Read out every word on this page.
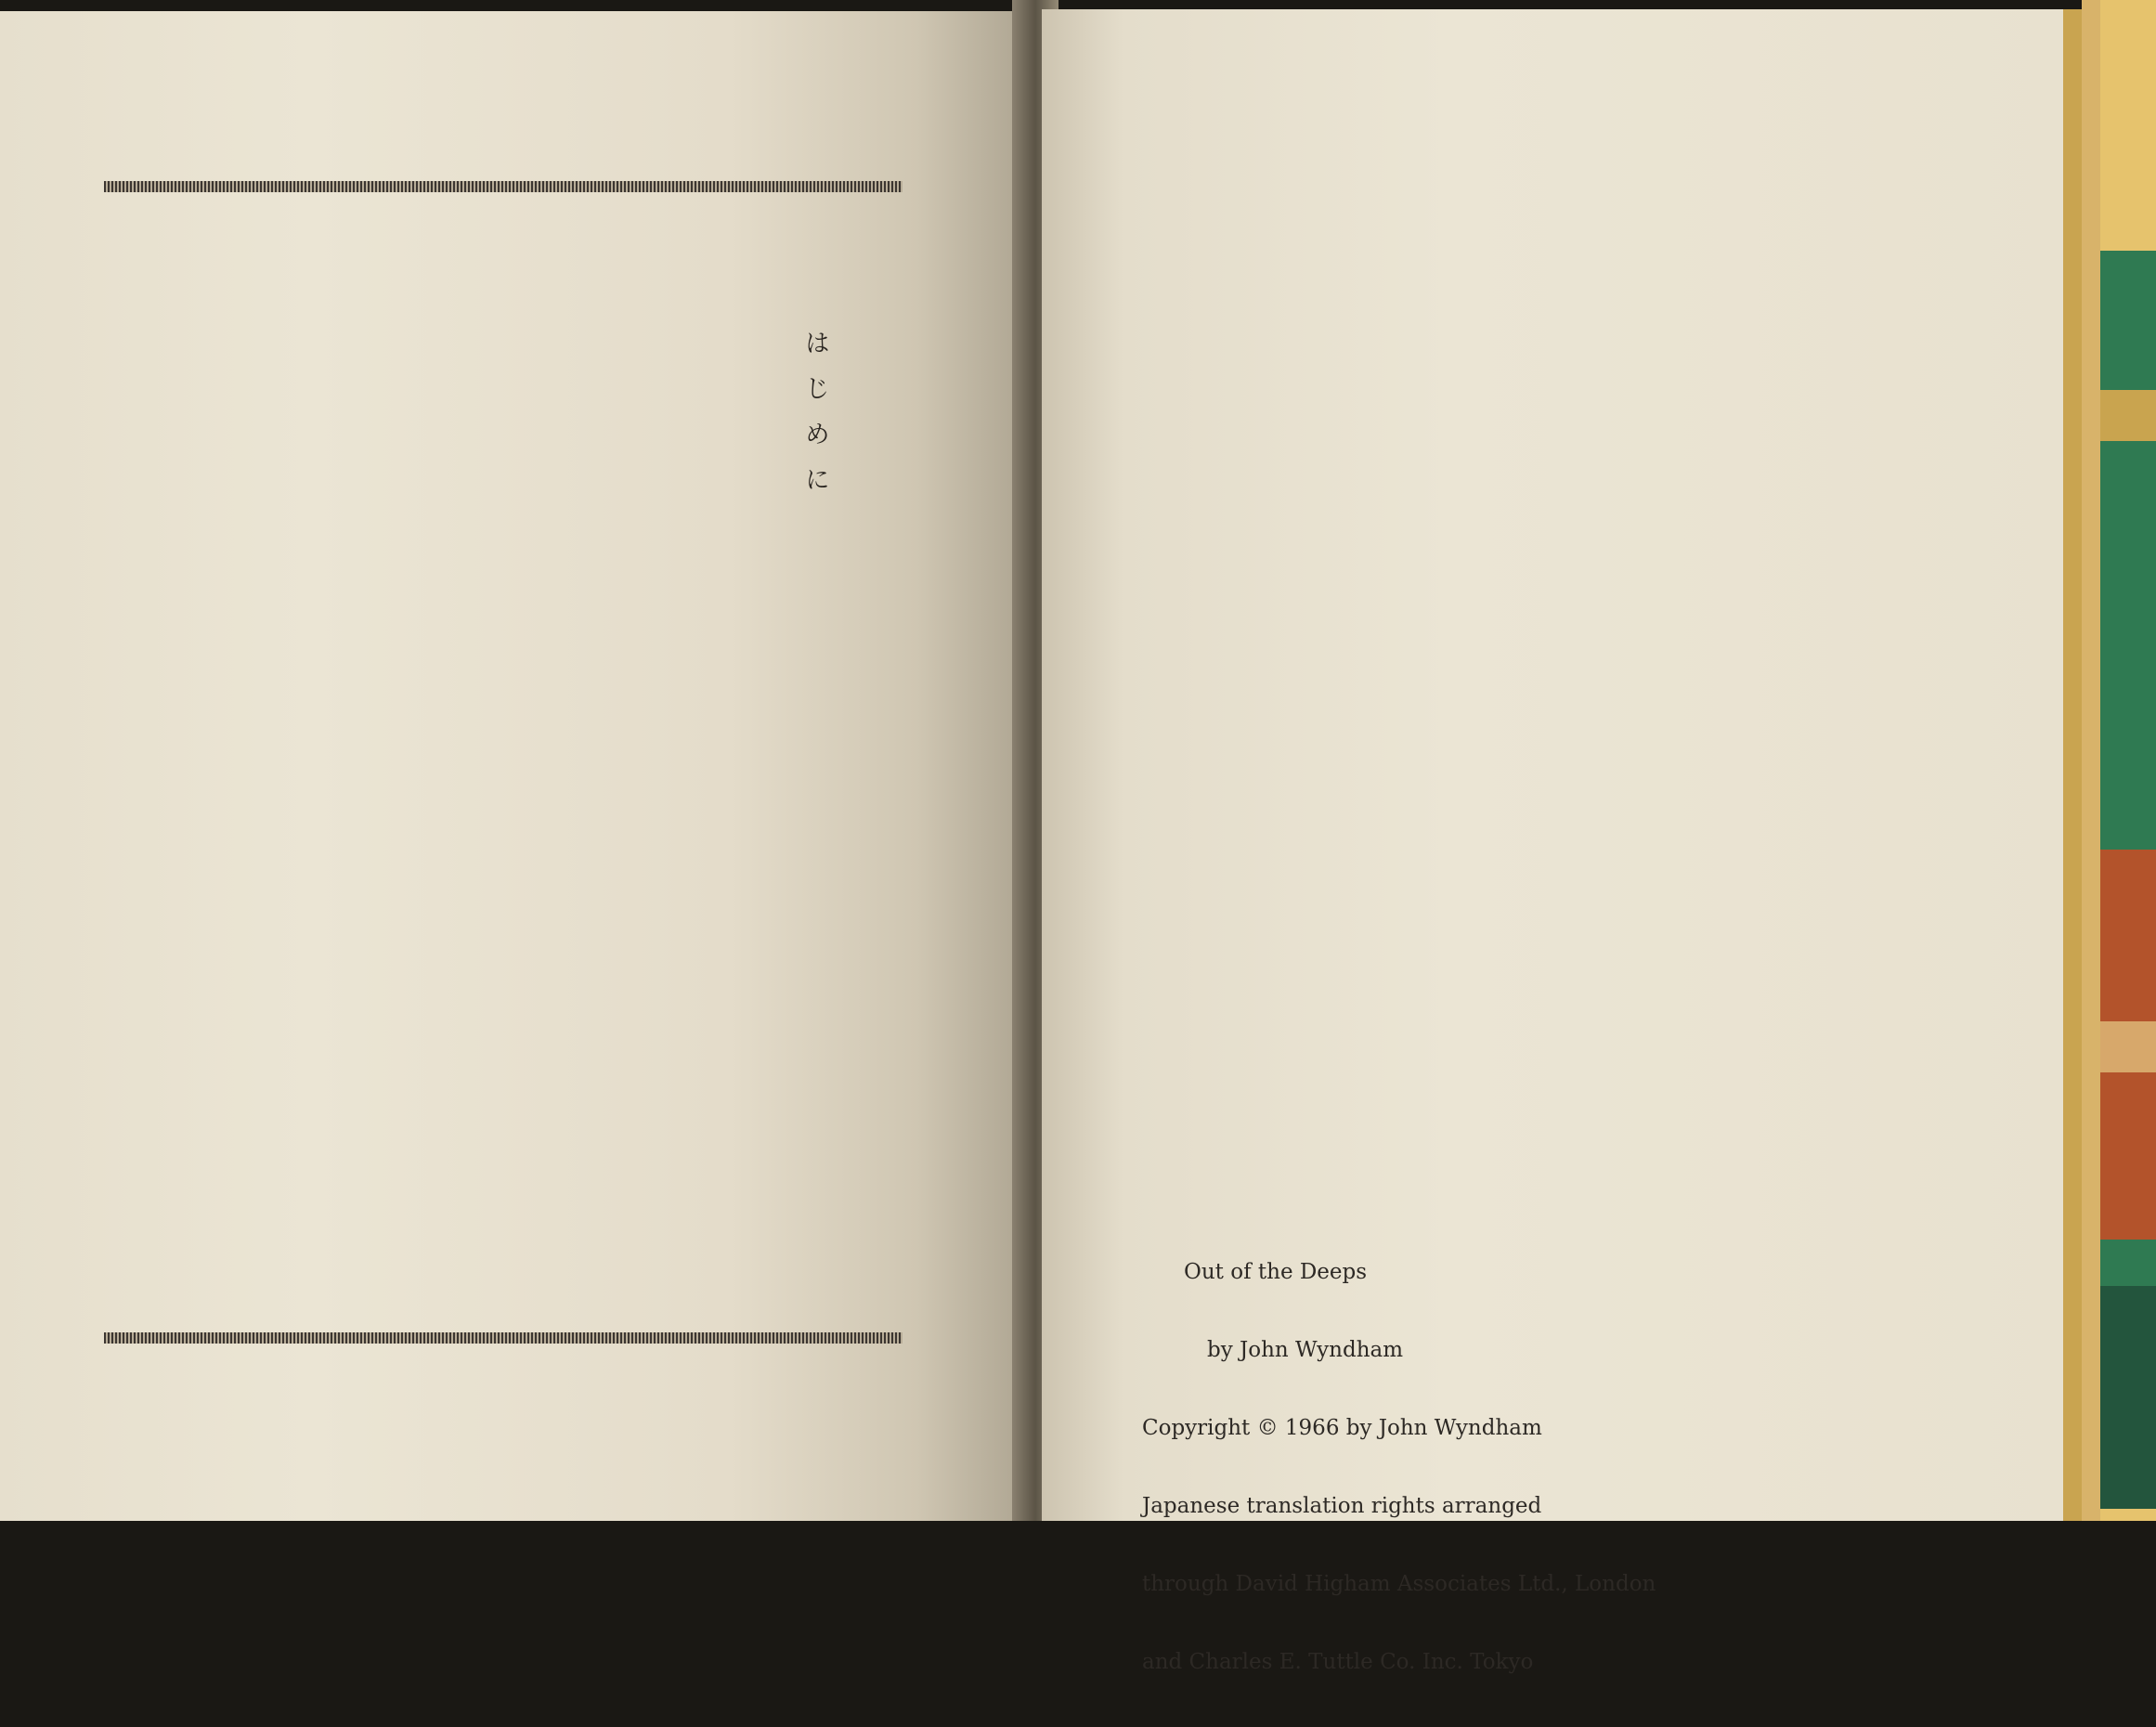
はじめに

Out of the Deeps

by John Wyndham

Copyright © 1966 by John Wyndham

Japanese translation rights arranged

through David Higham Associates Ltd., London

and Charles E. Tuttle Co. Inc. Tokyo
